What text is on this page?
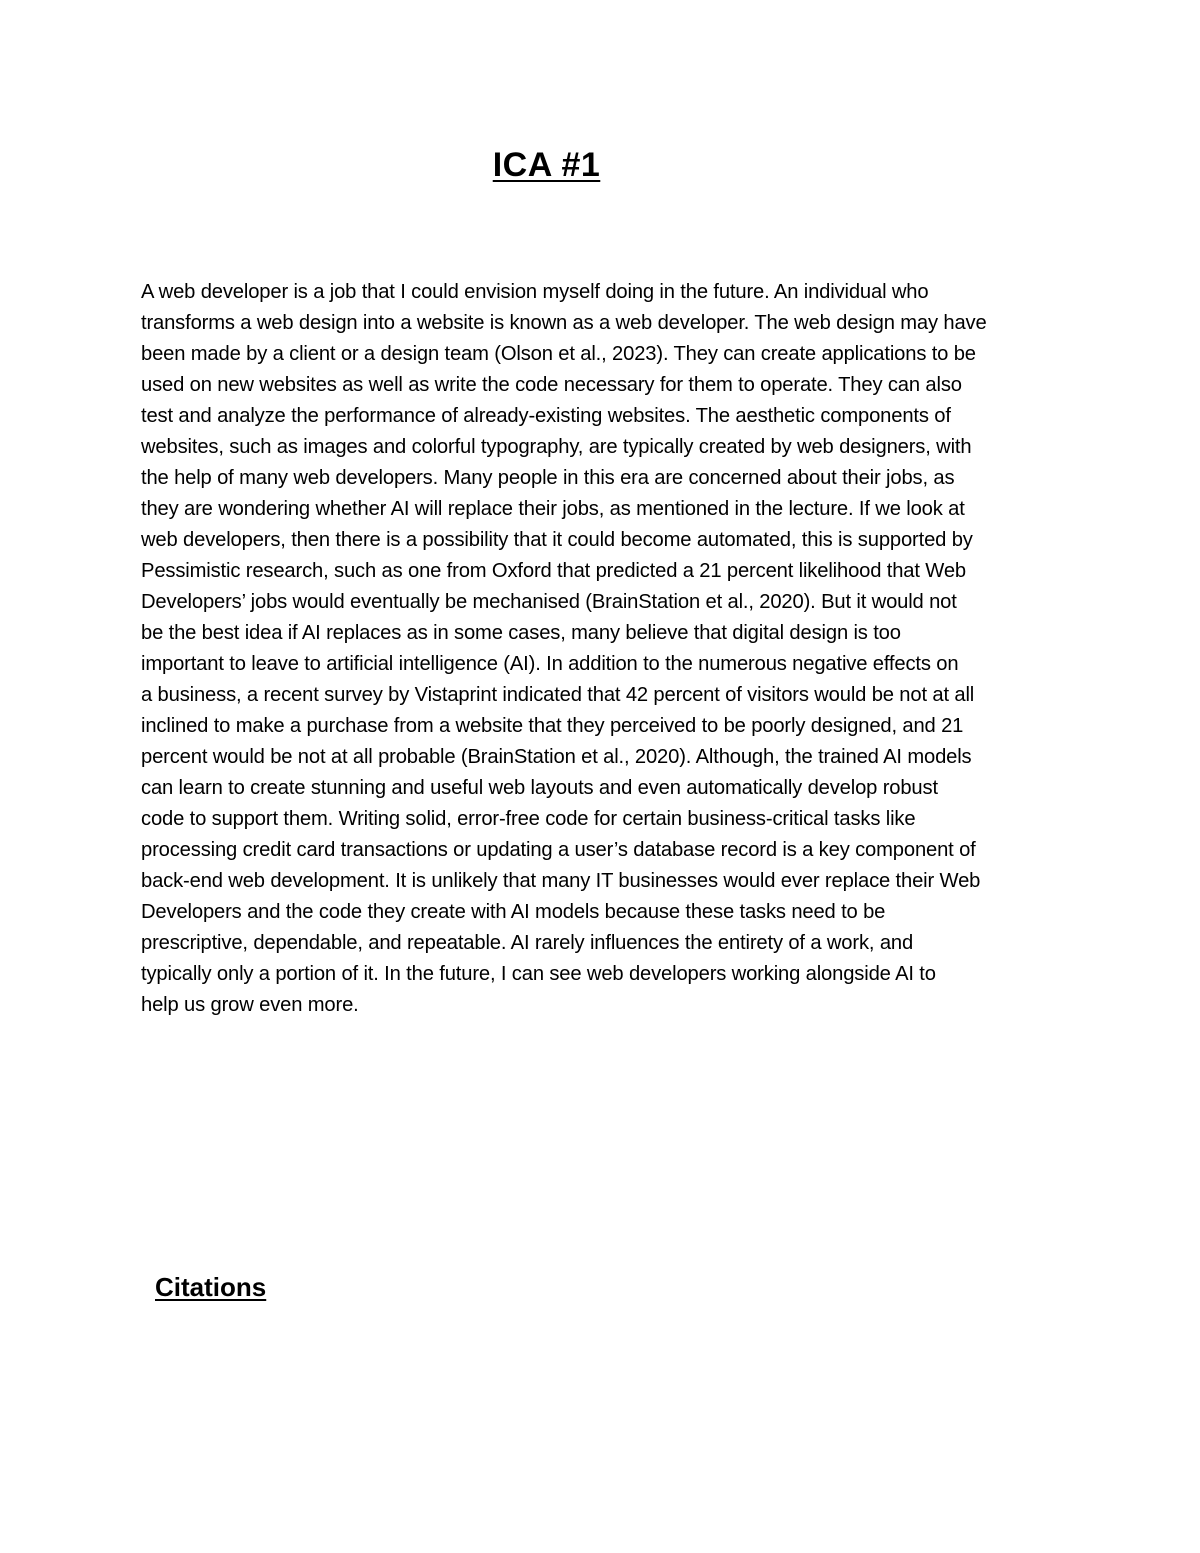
ICA #1

A web developer is a job that I could envision myself doing in the future. An individual who
transforms a web design into a website is known as a web developer. The web design may have
been made by a client or a design team (Olson et al., 2023). They can create applications to be
used on new websites as well as write the code necessary for them to operate. They can also
test and analyze the performance of already-existing websites. The aesthetic components of
websites, such as images and colorful typography, are typically created by web designers, with
the help of many web developers. Many people in this era are concerned about their jobs, as
they are wondering whether AI will replace their jobs, as mentioned in the lecture. If we look at
web developers, then there is a possibility that it could become automated, this is supported by
Pessimistic research, such as one from Oxford that predicted a 21 percent likelihood that Web
Developers’ jobs would eventually be mechanised (BrainStation et al., 2020). But it would not
be the best idea if AI replaces as in some cases, many believe that digital design is too
important to leave to artificial intelligence (AI). In addition to the numerous negative effects on
a business, a recent survey by Vistaprint indicated that 42 percent of visitors would be not at all
inclined to make a purchase from a website that they perceived to be poorly designed, and 21
percent would be not at all probable (BrainStation et al., 2020). Although, the trained AI models
can learn to create stunning and useful web layouts and even automatically develop robust
code to support them. Writing solid, error-free code for certain business-critical tasks like
processing credit card transactions or updating a user’s database record is a key component of
back-end web development. It is unlikely that many IT businesses would ever replace their Web
Developers and the code they create with AI models because these tasks need to be
prescriptive, dependable, and repeatable. AI rarely influences the entirety of a work, and
typically only a portion of it. In the future, I can see web developers working alongside AI to
help us grow even more.

Citations
